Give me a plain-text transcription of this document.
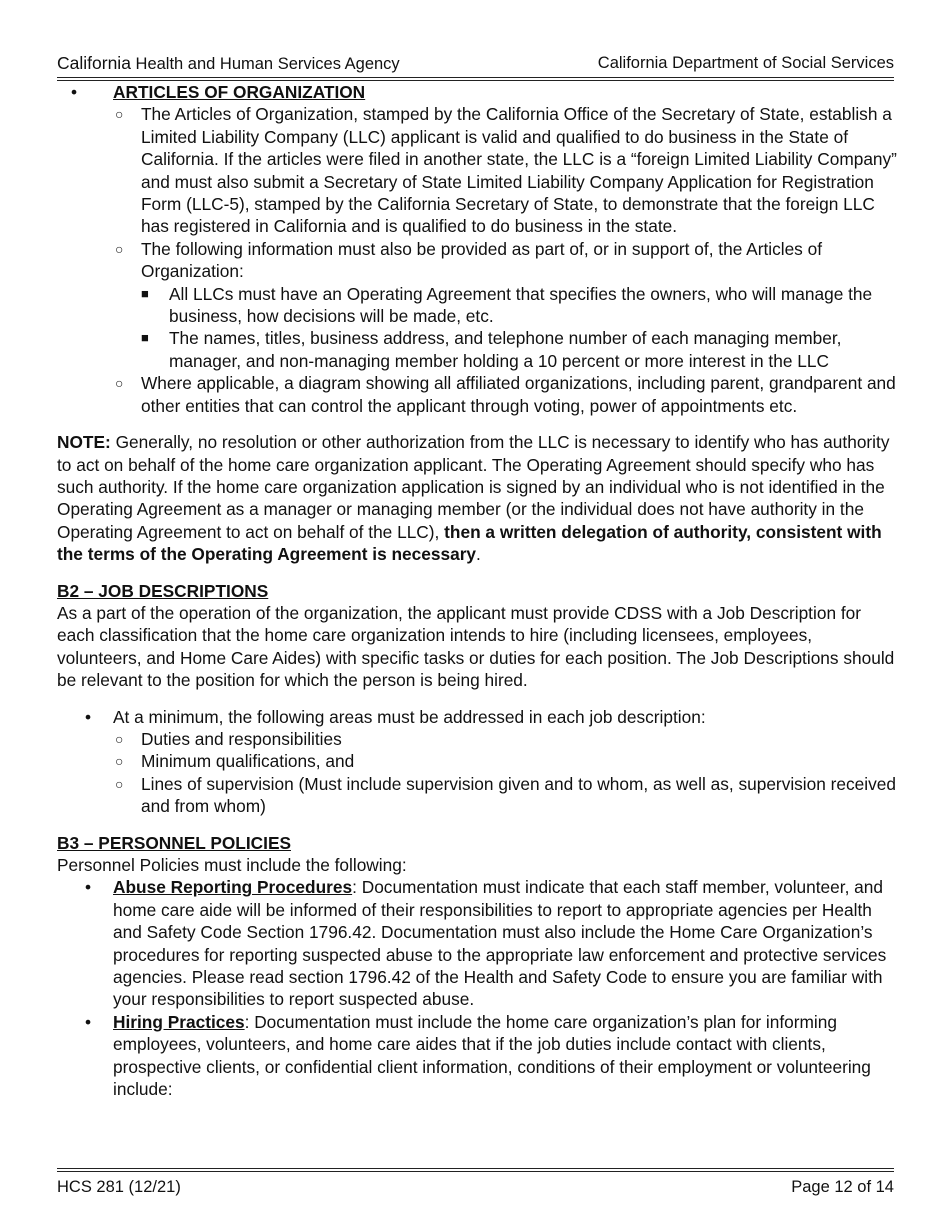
California Health and Human Services Agency	California Department of Social Services
• ARTICLES OF ORGANIZATION
○ The Articles of Organization, stamped by the California Office of the Secretary of State, establish a Limited Liability Company (LLC) applicant is valid and qualified to do business in the State of California. If the articles were filed in another state, the LLC is a “foreign Limited Liability Company” and must also submit a Secretary of State Limited Liability Company Application for Registration Form (LLC-5), stamped by the California Secretary of State, to demonstrate that the foreign LLC has registered in California and is qualified to do business in the state.

○ The following information must also be provided as part of, or in support of, the Articles of Organization:

■ All LLCs must have an Operating Agreement that specifies the owners, who will manage the business, how decisions will be made, etc.

■ The names, titles, business address, and telephone number of each managing member, manager, and non-managing member holding a 10 percent or more interest in the LLC

○ Where applicable, a diagram showing all affiliated organizations, including parent, grandparent and other entities that can control the applicant through voting, power of appointments etc.

NOTE: Generally, no resolution or other authorization from the LLC is necessary to identify who has authority to act on behalf of the home care organization applicant. The Operating Agreement should specify who has such authority. If the home care organization application is signed by an individual who is not identified in the Operating Agreement as a manager or managing member (or the individual does not have authority in the Operating Agreement to act on behalf of the LLC), then a written delegation of authority, consistent with the terms of the Operating Agreement is necessary.

B2 – JOB DESCRIPTIONS

As a part of the operation of the organization, the applicant must provide CDSS with a Job Description for each classification that the home care organization intends to hire (including licensees, employees, volunteers, and Home Care Aides) with specific tasks or duties for each position. The Job Descriptions should be relevant to the position for which the person is being hired.

• At a minimum, the following areas must be addressed in each job description:

○ Duties and responsibilities

○ Minimum qualifications, and

○ Lines of supervision (Must include supervision given and to whom, as well as, supervision received and from whom)

B3 – PERSONNEL POLICIES

Personnel Policies must include the following:

• Abuse Reporting Procedures: Documentation must indicate that each staff member, volunteer, and home care aide will be informed of their responsibilities to report to appropriate agencies per Health and Safety Code Section 1796.42. Documentation must also include the Home Care Organization’s procedures for reporting suspected abuse to the appropriate law enforcement and protective services agencies. Please read section 1796.42 of the Health and Safety Code to ensure you are familiar with your responsibilities to report suspected abuse.

• Hiring Practices: Documentation must include the home care organization’s plan for informing employees, volunteers, and home care aides that if the job duties include contact with clients, prospective clients, or confidential client information, conditions of their employment or volunteering include:

HCS 281 (12/21)	Page 12 of 14
